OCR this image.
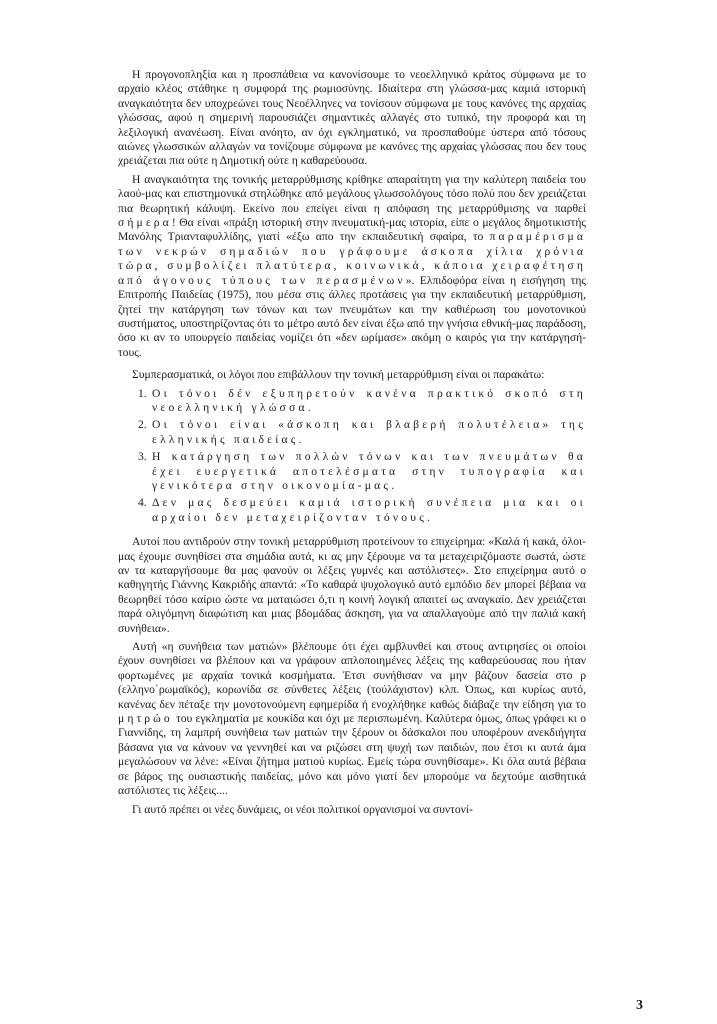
Η προγονοπληξία και η προσπάθεια να κανονίσουμε το νεοελληνικό κράτος σύμφωνα με το αρχαίο κλέος στάθηκε η συμφορά της ρωμιοσύνης. Ιδιαίτερα στη γλώσσα-μας καμιά ιστορική αναγκαιότητα δεν υποχρεώνει τους Νεοέλληνες να τονίσουν σύμφωνα με τους κανόνες της αρχαίας γλώσσας, αφού η σημερινή παρουσιάζει σημαντικές αλλαγές στο τυπικό, την προφορά και τη λεξιλογική ανανέωση. Είναι ανόητο, αν όχι εγκληματικό, να προσπαθούμε ύστερα από τόσους αιώνες γλωσσικών αλλαγών να τονίζουμε σύμφωνα με κανόνες της αρχαίας γλώσσας που δεν τους χρειάζεται πια ούτε η Δημοτική ούτε η καθαρεύουσα.

Η αναγκαιότητα της τονικής μεταρρύθμισης κρίθηκε απαραίτητη για την καλύτερη παιδεία του λαού-μας και επιστημονικά στηλώθηκε από μεγάλους γλωσσολόγους τόσο πολύ που δεν χρειάζεται πια θεωρητική κάλυψη. Εκείνο που επείγει είναι η απόφαση της μεταρρύθμισης να παρθεί σήμερα! Θα είναι «πράξη ιστορική στην πνευματική-μας ιστορία, είπε ο μεγάλος δημοτικιστής Μανόλης Τριανταφυλλίδης, γιατί «έξω απο την εκπαιδευτική σφαίρα, το παραμέρισμα των νεκρών σημαδιών που γράφουμε άσκοπα χίλια χρόνια τώρα, συμβολίζει πλατύτερα, κοινωνικά, κάποια χειραφέτηση από άγονους τύπους των περασμένων». Ελπιδοφόρα είναι η εισήγηση της Επιτροπής Παιδείας (1975), που μέσα στις άλλες προτάσεις για την εκπαιδευτική μεταρρύθμιση, ζητεί την κατάργηση των τόνων και των πνευμάτων και την καθιέρωση του μονοτονικού συστήματος, υποστηρίζοντας ότι το μέτρο αυτό δεν είναι έξω από την γνήσια εθνική-μας παράδοση, όσο κι αν το υπουργείο παιδείας νομίζει ότι «δεν ωρίμασε» ακόμη ο καιρός για την κατάργησή-τους.

Συμπερασματικά, οι λόγοι που επιβάλλουν την τονική μεταρρύθμιση είναι οι παρακάτω:

1. Οι τόνοι δέν εξυπηρετούν κανένα πρακτικό σκοπό στη νεοελληνική γλώσσα.
2. Οι τόνοι είναι «άσκοπη και βλαβερή πολυτέλεια» της ελληνικής παιδείας.
3. Η κατάργηση των πολλών τόνων και των πνευμάτων θα έχει ευεργετικά αποτελέσματα στην τυπογραφία και γενικότερα στην οικονομία-μας.
4. Δεν μας δεσμεύει καμιά ιστορική συνέπεια μια και οι αρχαίοι δεν μεταχειρίζονταν τόνους.

Αυτοί που αντιδρούν στην τονική μεταρρύθμιση προτείνουν το επιχείρημα: «Καλά ή κακά, όλοι-μας έχουμε συνηθίσει στα σημάδια αυτά, κι ας μην ξέρουμε να τα μεταχειριζόμαστε σωστά, ώστε αν τα καταργήσουμε θα μας φανούν οι λέξεις γυμνές και αστόλιστες». Στο επιχείρημα αυτό ο καθηγητής Γιάννης Κακριδής απαντά: «Το καθαρά ψυχολογικό αυτό εμπόδιο δεν μπορεί βέβαια να θεωρηθεί τόσο καίριο ώστε να ματαιώσει ό,τι η κοινή λογική απαιτεί ως αναγκαίο. Δεν χρειάζεται παρά ολιγόμηνη διαφώτιση και μιας βδομάδας άσκηση, για να απαλλαγούμε από την παλιά κακή συνήθεια».

Αυτή «η συνήθεια των ματιών» βλέπουμε ότι έχει αμβλυνθεί και στους αντιρησίες οι οποίοι έχουν συνηθίσει να βλέπουν και να γράφουν απλοποιημένες λέξεις της καθαρεύουσας που ήταν φορτωμένες με αρχαία τονικά κοσμήματα. Έτσι συνήθισαν να μην βάζουν δασεία στο ρ (ελληνο΄ρωμαϊκός), κορωνίδα σε σύνθετες λέξεις (τούλάχιστον) κλπ. Όπως, και κυρίως αυτό, κανένας δεν πέταξε την μονοτονούμενη εφημερίδα ή ενοχλήθηκε καθώς διάβαζε την είδηση για το μητρώο του εγκληματία με κουκίδα και όχι με περισπωμένη. Καλύτερα όμως, όπως γράφει κι ο Γιαννίδης, τη λαμπρή συνήθεια των ματιών την ξέρουν οι δάσκαλοι που υποφέρουν ανεκδιήγητα βάσανα για να κάνουν να γεννηθεί και να ριζώσει στη ψυχή των παιδιών, που έτσι κι αυτά άμα μεγαλώσουν να λένε: «Είναι ζήτημα ματιού κυρίως. Εμείς τώρα συνηθίσαμε». Κι όλα αυτά βέβαια σε βάρος της ουσιαστικής παιδείας, μόνο και μόνο γιατί δεν μπορούμε να δεχτούμε αισθητικά αστόλιστες τις λέξεις....

Γι αυτό πρέπει οι νέες δυνάμεις, οι νέοι πολιτικοί οργανισμοί να συντονί-

3
